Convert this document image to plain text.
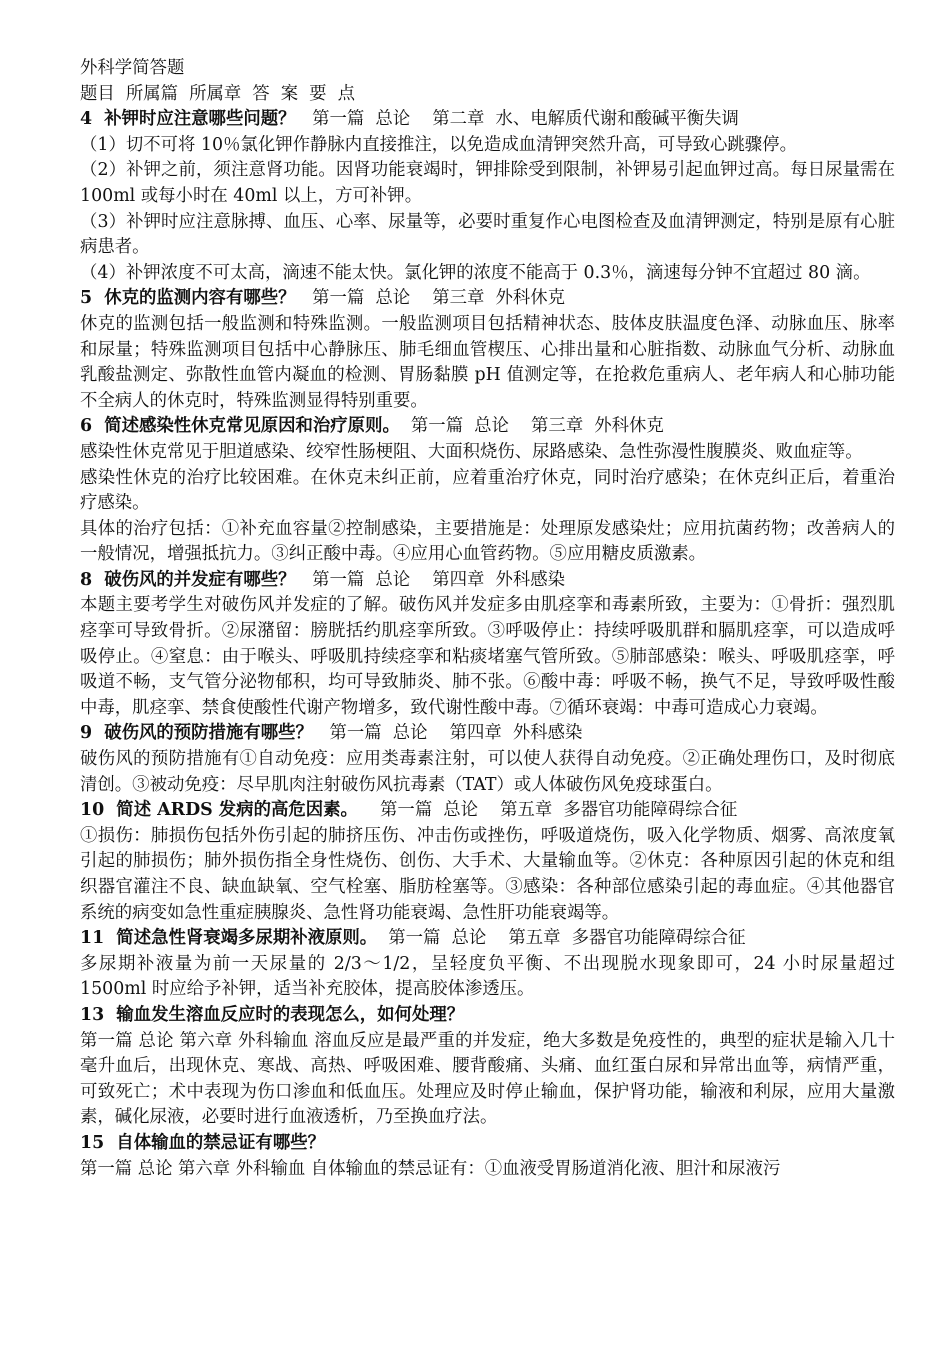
外科学简答题

题目  所属篇  所属章  答  案  要  点

4  补钾时应注意哪些问题？   第一篇  总论    第二章  水、电解质代谢和酸碱平衡失调

（1）切不可将 10％氯化钾作静脉内直接推注，以免造成血清钾突然升高，可导致心跳骤停。

（2）补钾之前，须注意肾功能。因肾功能衰竭时，钾排除受到限制，补钾易引起血钾过高。每日尿量需在 100ml 或每小时在 40ml 以上，方可补钾。

（3）补钾时应注意脉搏、血压、心率、尿量等，必要时重复作心电图检查及血清钾测定，特别是原有心脏病患者。

（4）补钾浓度不可太高，滴速不能太快。氯化钾的浓度不能高于 0.3％，滴速每分钟不宜超过 80 滴。

5  休克的监测内容有哪些？   第一篇  总论    第三章  外科休克

休克的监测包括一般监测和特殊监测。一般监测项目包括精神状态、肢体皮肤温度色泽、动脉血压、脉率和尿量；特殊监测项目包括中心静脉压、肺毛细血管楔压、心排出量和心脏指数、动脉血气分析、动脉血乳酸盐测定、弥散性血管内凝血的检测、胃肠黏膜 pH 值测定等，在抢救危重病人、老年病人和心肺功能不全病人的休克时，特殊监测显得特别重要。

6  简述感染性休克常见原因和治疗原则。  第一篇  总论    第三章  外科休克

感染性休克常见于胆道感染、绞窄性肠梗阻、大面积烧伤、尿路感染、急性弥漫性腹膜炎、败血症等。

感染性休克的治疗比较困难。在休克未纠正前，应着重治疗休克，同时治疗感染；在休克纠正后，着重治疗感染。

具体的治疗包括：①补充血容量②控制感染，主要措施是：处理原发感染灶；应用抗菌药物；改善病人的一般情况，增强抵抗力。③纠正酸中毒。④应用心血管药物。⑤应用糖皮质激素。

8  破伤风的并发症有哪些？   第一篇  总论    第四章  外科感染

本题主要考学生对破伤风并发症的了解。破伤风并发症多由肌痉挛和毒素所致，主要为：①骨折：强烈肌痉挛可导致骨折。②尿潴留：膀胱括约肌痉挛所致。③呼吸停止：持续呼吸肌群和膈肌痉挛，可以造成呼吸停止。④窒息：由于喉头、呼吸肌持续痉挛和粘痰堵塞气管所致。⑤肺部感染：喉头、呼吸肌痉挛，呼吸道不畅，支气管分泌物郁积，均可导致肺炎、肺不张。⑥酸中毒：呼吸不畅，换气不足，导致呼吸性酸中毒，肌痉挛、禁食使酸性代谢产物增多，致代谢性酸中毒。⑦循环衰竭：中毒可造成心力衰竭。

9  破伤风的预防措施有哪些？   第一篇  总论    第四章  外科感染

破伤风的预防措施有①自动免疫：应用类毒素注射，可以使人获得自动免疫。②正确处理伤口，及时彻底清创。③被动免疫：尽早肌肉注射破伤风抗毒素（TAT）或人体破伤风免疫球蛋白。

10  简述 ARDS 发病的高危因素。    第一篇  总论    第五章  多器官功能障碍综合征

①损伤：肺损伤包括外伤引起的肺挤压伤、冲击伤或挫伤，呼吸道烧伤，吸入化学物质、烟雾、高浓度氧引起的肺损伤；肺外损伤指全身性烧伤、创伤、大手术、大量输血等。②休克：各种原因引起的休克和组织器官灌注不良、缺血缺氧、空气栓塞、脂肪栓塞等。③感染：各种部位感染引起的毒血症。④其他器官系统的病变如急性重症胰腺炎、急性肾功能衰竭、急性肝功能衰竭等。

11  简述急性肾衰竭多尿期补液原则。  第一篇  总论    第五章  多器官功能障碍综合征

多尿期补液量为前一天尿量的 2/3～1/2，呈轻度负平衡、不出现脱水现象即可，24 小时尿量超过 1500ml 时应给予补钾，适当补充胶体，提高胶体渗透压。

13  输血发生溶血反应时的表现怎么，如何处理？

第一篇 总论 第六章 外科输血 溶血反应是最严重的并发症，绝大多数是免疫性的，典型的症状是输入几十毫升血后，出现休克、寒战、高热、呼吸困难、腰背酸痛、头痛、血红蛋白尿和异常出血等，病情严重，可致死亡；术中表现为伤口渗血和低血压。处理应及时停止输血，保护肾功能，输液和利尿，应用大量激素，碱化尿液，必要时进行血液透析，乃至换血疗法。

15  自体输血的禁忌证有哪些？

第一篇 总论 第六章 外科输血 自体输血的禁忌证有：①血液受胃肠道消化液、胆汁和尿液污
